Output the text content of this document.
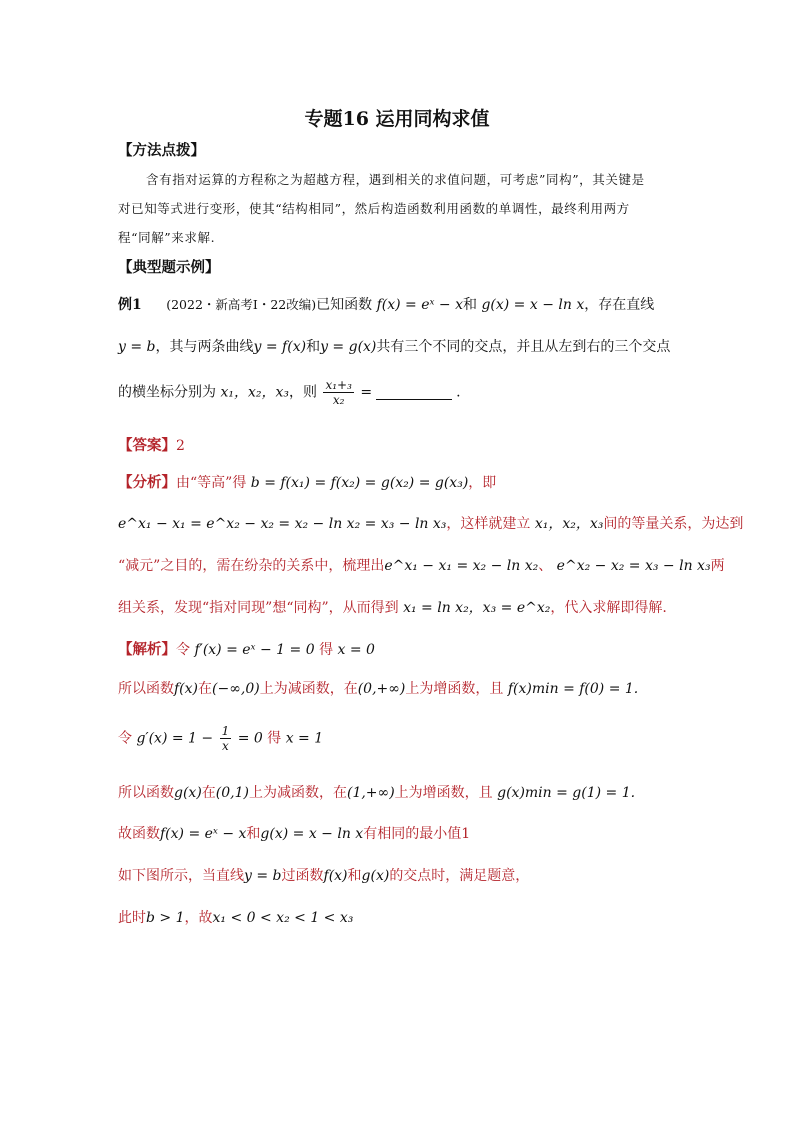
专题16 运用同构求值
【方法点拨】
含有指对运算的方程称之为超越方程，遇到相关的求值问题，可考虑”同构”，其关键是
对已知等式进行变形，使其“结构相同”，然后构造函数利用函数的单调性，最终利用两方
程“同解”来求解.
【典型题示例】
例1 (2022・新高考Ⅰ・22改编)已知函数 f(x) = eˣ − x和 g(x) = x − ln x，存在直线
y = b，其与两条曲线y = f(x)和y = g(x)共有三个不同的交点，并且从左到右的三个交点
的横坐标分别为 x₁，x₂，x₃，则 $\frac{\text{x₁+₃}}{\text{x₂}}$ =	.
【答案】2
【分析】由“等高”得 b = f(x₁) = f(x₂) = g(x₂) = g(x₃)，即
e^x₁ − x₁ = e^x₂ − x₂ = x₂ − ln x₂ = x₃ − ln x₃，这样就建立 x₁，x₂，x₃间的等量关系，为达到
“减元”之目的，需在纷杂的关系中，梳理出e^x₁ − x₁ = x₂ − ln x₂、 e^x₂ − x₂ = x₃ − ln x₃两
组关系，发现“指对同现”想“同构”，从而得到 x₁ = ln x₂，x₃ = e^x₂，代入求解即得解.
【解析】令 f′(x) = eˣ − 1 = 0 得 x = 0
所以函数f(x)在(−∞,0)上为减函数，在(0,+∞)上为增函数，且 f(x)min = f(0) = 1.
令 $g'(x) = 1 - \frac{1}{x} = 0$ 得 x = 1
所以函数g(x)在(0,1)上为减函数，在(1,+∞)上为增函数，且 g(x)min = g(1) = 1.
故函数f(x) = eˣ − x和g(x) = x − ln x有相同的最小值1
如下图所示，当直线y = b过函数f(x)和g(x)的交点时，满足题意，
此时b > 1，故x₁ < 0 < x₂ < 1 < x₃
